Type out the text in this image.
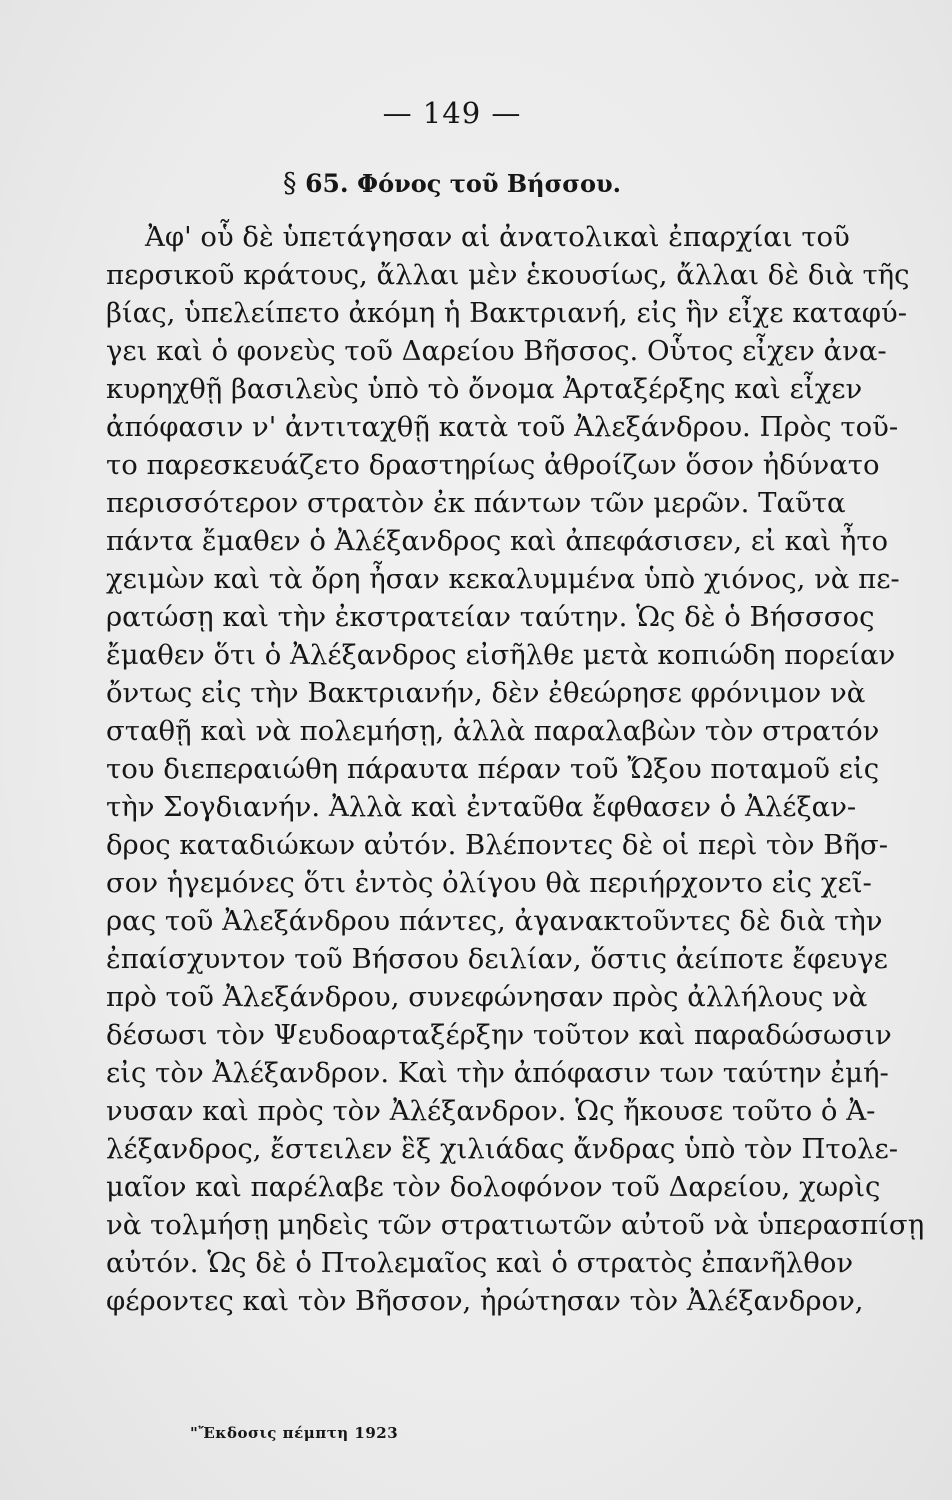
— 149 —
§ 65. Φόνος τοῦ Βήσσου.
Ἀφ' οὗ δὲ ὑπετάγησαν αἱ ἀνατολικαὶ ἐπαρχίαι τοῦ
περσικοῦ κράτους, ἄλλαι μὲν ἑκουσίως, ἄλλαι δὲ διὰ τῆς
βίας, ὑπελείπετο ἀκόμη ἡ Βακτριανή, εἰς ἣν εἶχε καταφύ-
γει καὶ ὁ φονεὺς τοῦ Δαρείου Βῆσσος. Οὗτος εἶχεν ἀνα-
κυρηχθῇ βασιλεὺς ὑπὸ τὸ ὄνομα Ἀρταξέρξης καὶ εἶχεν
ἀπόφασιν ν' ἀντιταχθῇ κατὰ τοῦ Ἀλεξάνδρου. Πρὸς τοῦ-
το παρεσκευάζετο δραστηρίως ἀθροίζων ὅσον ἠδύνατο
περισσότερον στρατὸν ἐκ πάντων τῶν μερῶν. Ταῦτα
πάντα ἔμαθεν ὁ Ἀλέξανδρος καὶ ἀπεφάσισεν, εἰ καὶ ἦτο
χειμὼν καὶ τὰ ὄρη ἦσαν κεκαλυμμένα ὑπὸ χιόνος, νὰ πε-
ρατώσῃ καὶ τὴν ἐκστρατείαν ταύτην. Ὡς δὲ ὁ Βήσσσος
ἔμαθεν ὅτι ὁ Ἀλέξανδρος εἰσῆλθε μετὰ κοπιώδη πορείαν
ὄντως εἰς τὴν Βακτριανήν, δὲν ἐθεώρησε φρόνιμον νὰ
σταθῇ καὶ νὰ πολεμήσῃ, ἀλλὰ παραλαβὼν τὸν στρατόν
του διεπεραιώθη πάραυτα πέραν τοῦ Ὤξου ποταμοῦ εἰς
τὴν Σογδιανήν. Ἀλλὰ καὶ ἐνταῦθα ἔφθασεν ὁ Ἀλέξαν-
δρος καταδιώκων αὐτόν. Βλέποντες δὲ οἱ περὶ τὸν Βῆσ-
σον ἡγεμόνες ὅτι ἐντὸς ὀλίγου θὰ περιήρχοντο εἰς χεῖ-
ρας τοῦ Ἀλεξάνδρου πάντες, ἀγανακτοῦντες δὲ διὰ τὴν
ἐπαίσχυντον τοῦ Βήσσου δειλίαν, ὅστις ἀείποτε ἔφευγε
πρὸ τοῦ Ἀλεξάνδρου, συνεφώνησαν πρὸς ἀλλήλους νὰ
δέσωσι τὸν Ψευδοαρταξέρξην τοῦτον καὶ παραδώσωσιν
εἰς τὸν Ἀλέξανδρον. Καὶ τὴν ἀπόφασιν των ταύτην ἐμή-
νυσαν καὶ πρὸς τὸν Ἀλέξανδρον. Ὡς ἤκουσε τοῦτο ὁ Ἀ-
λέξανδρος, ἔστειλεν ἓξ χιλιάδας ἄνδρας ὑπὸ τὸν Πτολε-
μαῖον καὶ παρέλαβε τὸν δολοφόνον τοῦ Δαρείου, χωρὶς
νὰ τολμήσῃ μηδεὶς τῶν στρατιωτῶν αὐτοῦ νὰ ὑπερασπίσῃ
αὐτόν. Ὡς δὲ ὁ Πτολεμαῖος καὶ ὁ στρατὸς ἐπανῆλθον
φέροντες καὶ τὸν Βῆσσον, ἠρώτησαν τὸν Ἀλέξανδρον,
"Ἔκδοσις πέμπτη 1923
